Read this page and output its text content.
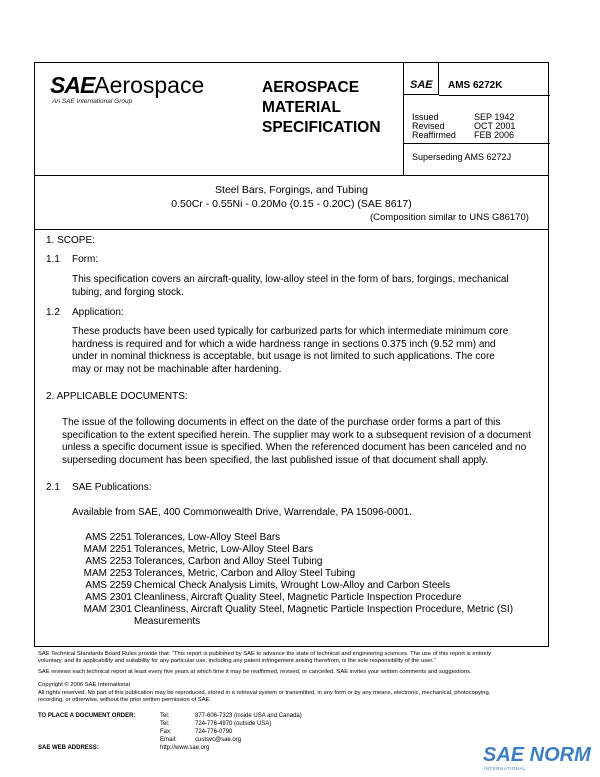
SAEAerospace
An SAE International Group
AEROSPACE
MATERIAL
SPECIFICATION
SAE AMS 6272K
Issued	SEP 1942
Revised	OCT 2001
Reaffirmed FEB 2006
Superseding AMS 6272J
Steel Bars, Forgings, and Tubing
0.50Cr - 0.55Ni - 0.20Mo (0.15 - 0.20C) (SAE 8617)
(Composition similar to UNS G86170)
1. SCOPE:
1.1 Form:
This specification covers an aircraft-quality, low-alloy steel in the form of bars, forgings, mechanical
tubing, and forging stock.
1.2 Application:
These products have been used typically for carburized parts for which intermediate minimum core
hardness is required and for which a wide hardness range in sections 0.375 inch (9.52 mm) and
under in nominal thickness is acceptable, but usage is not limited to such applications. The core
may or may not be machinable after hardening.
2. APPLICABLE DOCUMENTS:
The issue of the following documents in effect on the date of the purchase order forms a part of this
specification to the extent specified herein. The supplier may work to a subsequent revision of a document
unless a specific document issue is specified. When the referenced document has been canceled and no
superseding document has been specified, the last published issue of that document shall apply.
2.1 SAE Publications:
Available from SAE, 400 Commonwealth Drive, Warrendale, PA 15096-0001.
AMS 2251 Tolerances, Low-Alloy Steel Bars
MAM 2251 Tolerances, Metric, Low-Alloy Steel Bars
AMS 2253 Tolerances, Carbon and Alloy Steel Tubing
MAM 2253 Tolerances, Metric, Carbon and Alloy Steel Tubing
AMS 2259 Chemical Check Analysis Limits, Wrought Low-Alloy and Carbon Steels
AMS 2301 Cleanliness, Aircraft Quality Steel, Magnetic Particle Inspection Procedure
MAM 2301 Cleanliness, Aircraft Quality Steel, Magnetic Particle Inspection Procedure, Metric (SI)
Measurements
SAE Technical Standards Board Rules provide that: "This report is published by SAE to advance the state of technical and engineering sciences. The use of this report is entirely
voluntary, and its applicability and suitability for any particular use, including any patent infringement arising therefrom, is the sole responsibility of the user."
SAE reviews each technical report at least every five years at which time it may be reaffirmed, revised, or cancelled. SAE invites your written comments and suggestions.
Copyright © 2006 SAE International
All rights reserved. No part of this publication may be reproduced, stored in a retrieval system or transmitted, in any form or by any means, electronic, mechanical, photocopying,
recording, or otherwise, without the prior written permission of SAE.
TO PLACE A DOCUMENT ORDER:	Tel:	877-606-7323 (inside USA and Canada)
Tel:	724-776-4970 (outside USA)
Fax:	724-776-0790
Email:	custsvc@sae.org
SAE WEB ADDRESS:	http://www.sae.org	SAE NORM
INTERNATIONAL
